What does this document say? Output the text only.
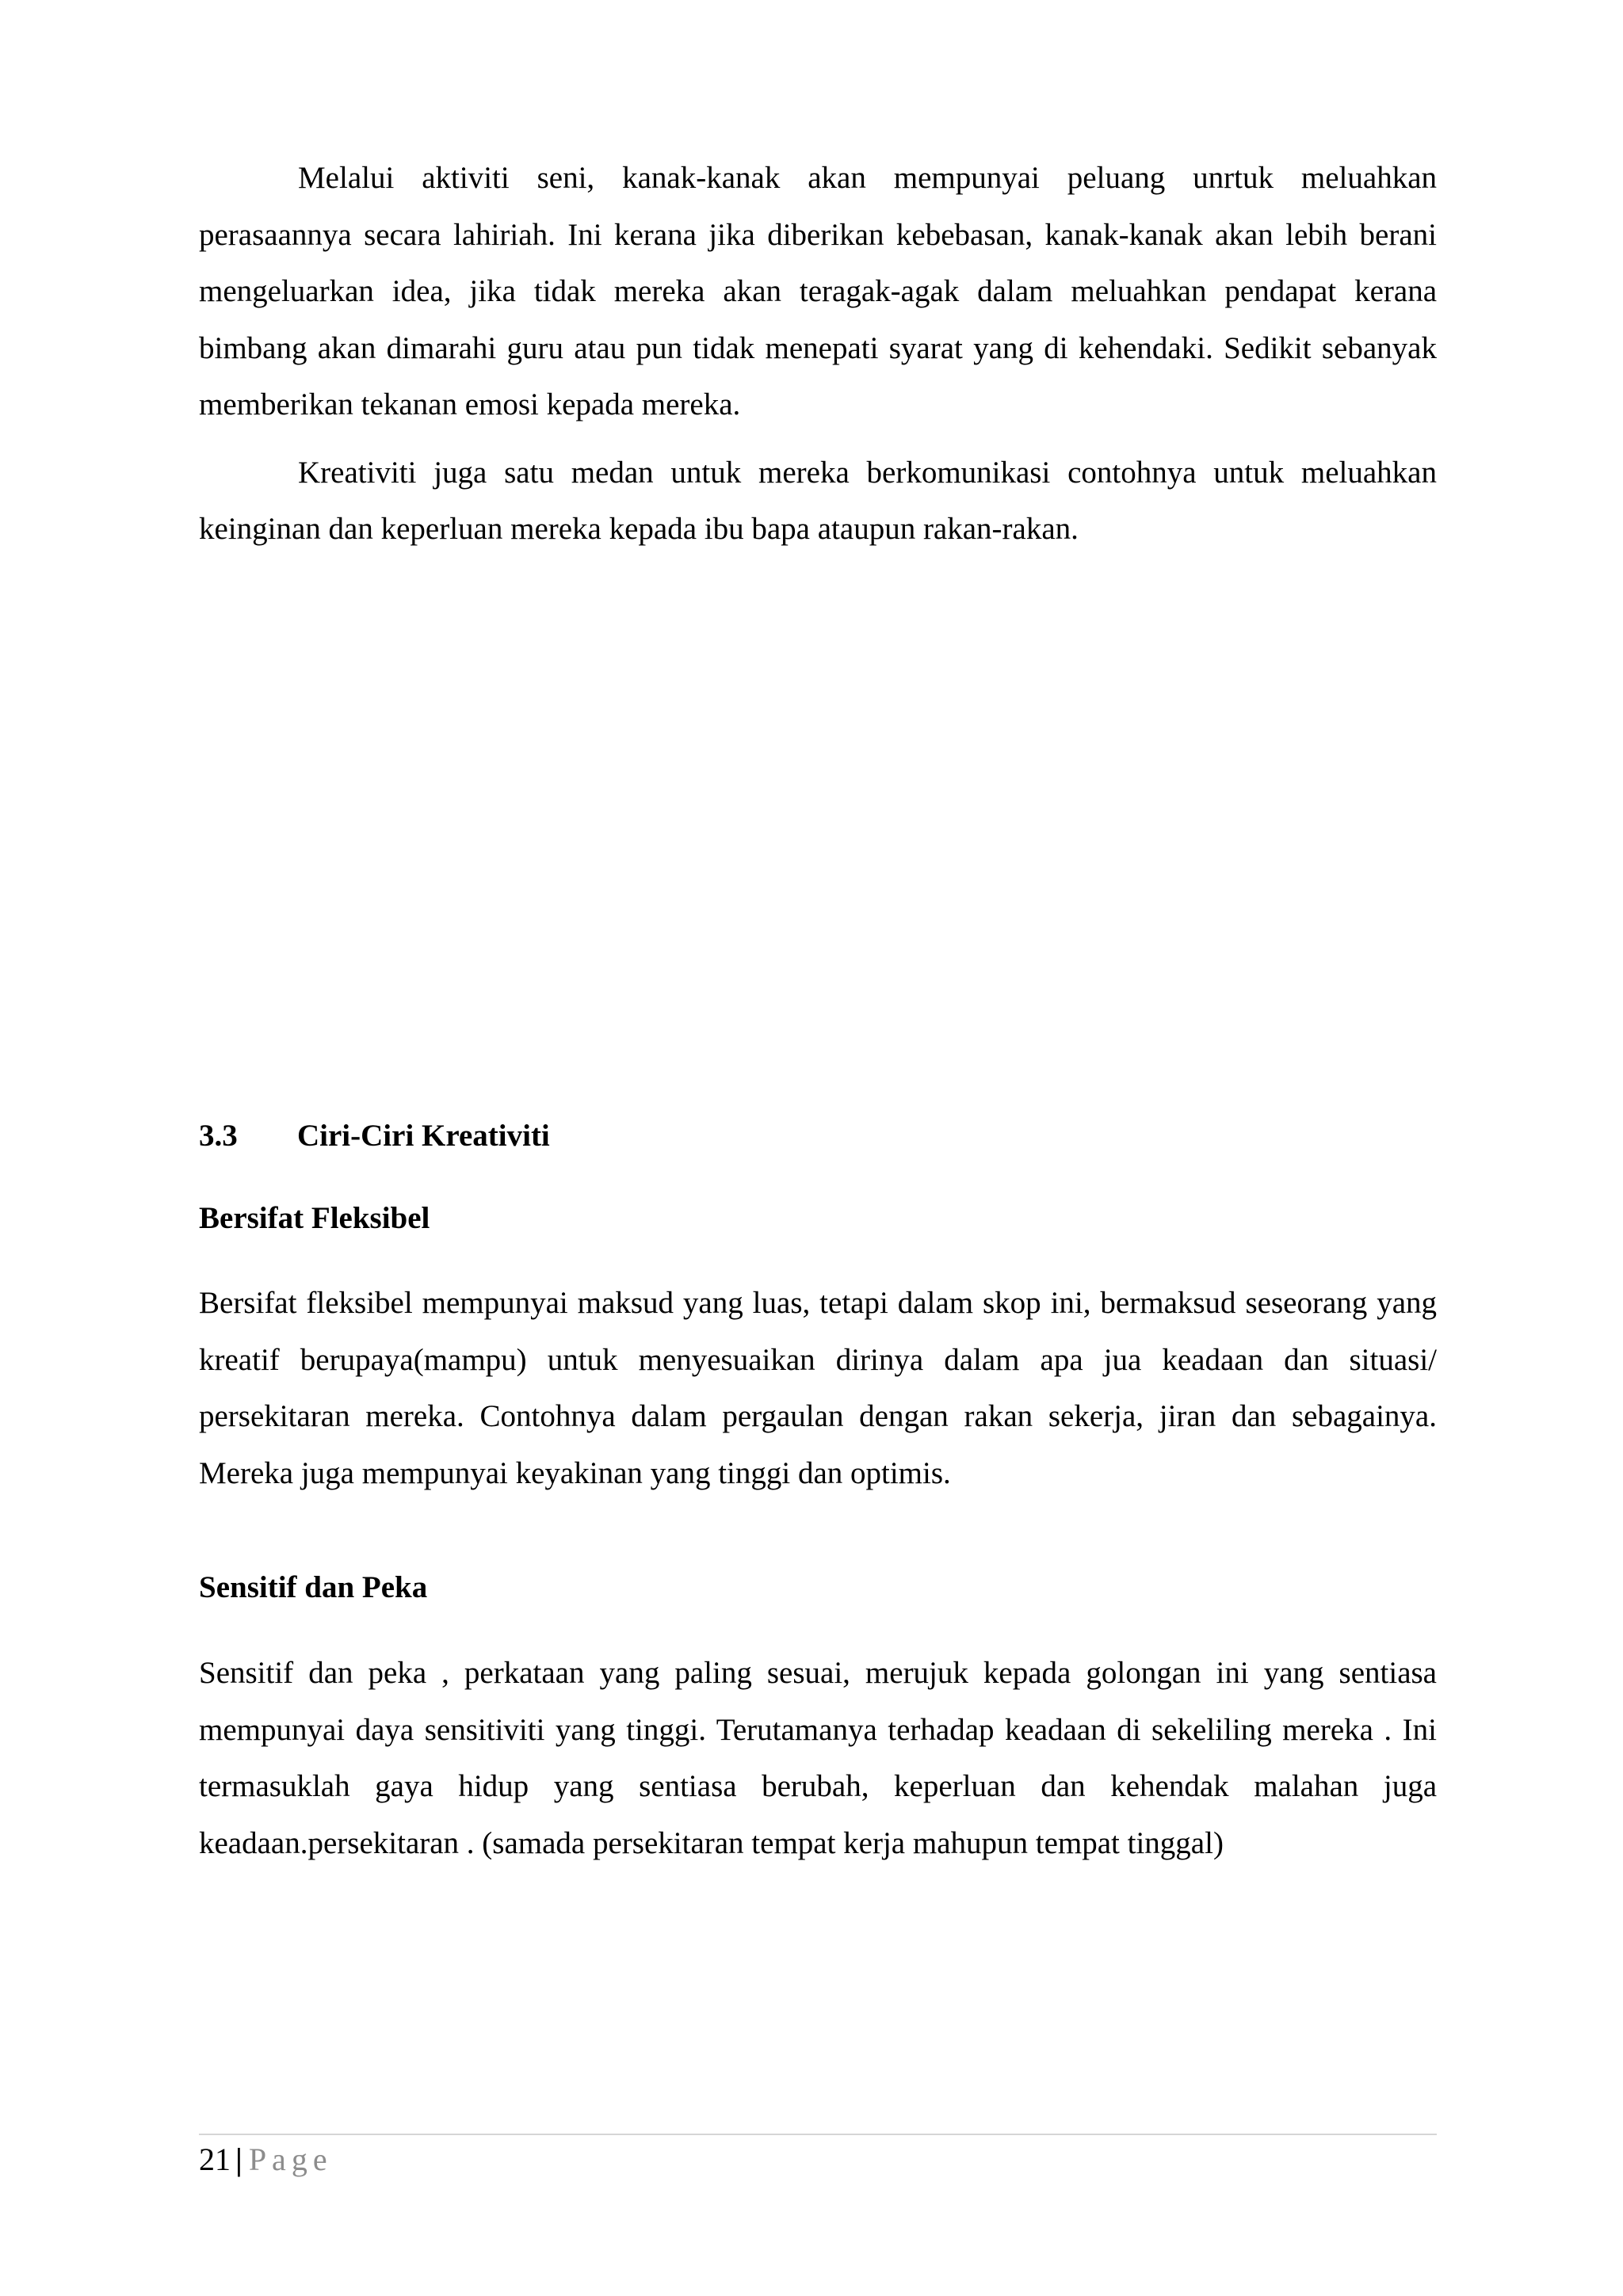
Melalui aktiviti seni, kanak-kanak akan mempunyai peluang unrtuk meluahkan perasaannya secara lahiriah. Ini kerana jika diberikan kebebasan, kanak-kanak akan lebih berani mengeluarkan idea, jika tidak mereka akan teragak-agak dalam meluahkan pendapat kerana bimbang akan dimarahi guru atau pun tidak menepati syarat yang di kehendaki. Sedikit sebanyak memberikan tekanan emosi kepada mereka.

Kreativiti juga satu medan untuk mereka berkomunikasi contohnya untuk meluahkan keinginan dan keperluan mereka kepada ibu bapa ataupun rakan-rakan.

3.3 Ciri-Ciri Kreativiti
Bersifat Fleksibel

Bersifat fleksibel mempunyai maksud yang luas, tetapi dalam skop ini, bermaksud seseorang yang kreatif berupaya(mampu) untuk menyesuaikan dirinya dalam apa jua keadaan dan situasi/ persekitaran mereka. Contohnya dalam pergaulan dengan rakan sekerja, jiran dan sebagainya. Mereka juga mempunyai keyakinan yang tinggi dan optimis.

Sensitif dan Peka

Sensitif dan peka , perkataan yang paling sesuai, merujuk kepada golongan ini yang sentiasa mempunyai daya sensitiviti yang tinggi. Terutamanya terhadap keadaan di sekeliling mereka . Ini termasuklah gaya hidup yang sentiasa berubah, keperluan dan kehendak malahan juga keadaan.persekitaran . (samada persekitaran tempat kerja mahupun tempat tinggal)

21 | Page
